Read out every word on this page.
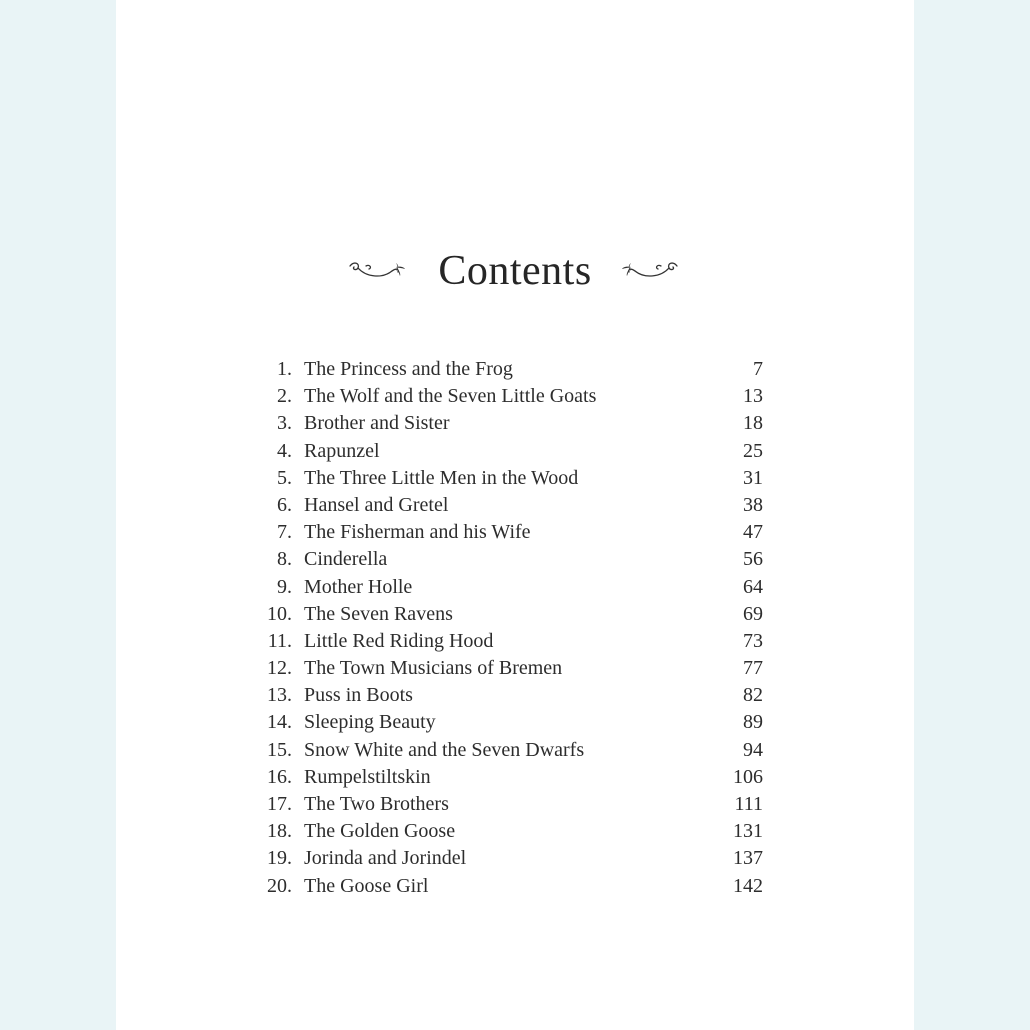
Contents
1. The Princess and the Frog	7
2. The Wolf and the Seven Little Goats	13
3. Brother and Sister	18
4. Rapunzel	25
5. The Three Little Men in the Wood	31
6. Hansel and Gretel	38
7. The Fisherman and his Wife	47
8. Cinderella	56
9. Mother Holle	64
10. The Seven Ravens	69
11. Little Red Riding Hood	73
12. The Town Musicians of Bremen	77
13. Puss in Boots	82
14. Sleeping Beauty	89
15. Snow White and the Seven Dwarfs	94
16. Rumpelstiltskin	106
17. The Two Brothers	111
18. The Golden Goose	131
19. Jorinda and Jorindel	137
20. The Goose Girl	142
